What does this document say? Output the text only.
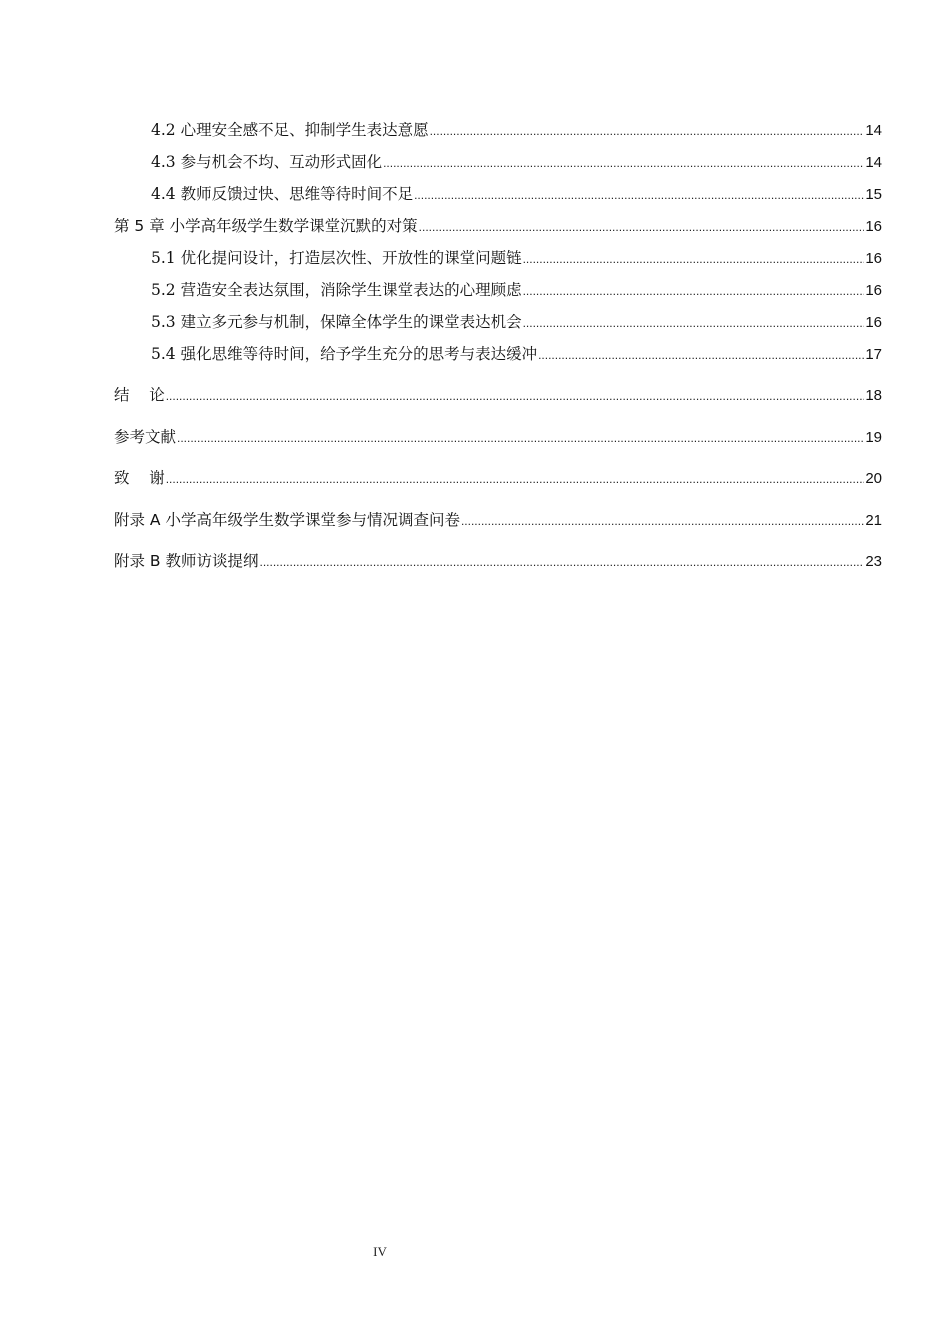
4.2 心理安全感不足、抑制学生表达意愿 .....	14
4.3 参与机会不均、互动形式固化 .....	14
4.4 教师反馈过快、思维等待时间不足 .....	15
第 5 章 小学高年级学生数学课堂沉默的对策 .....	16
5.1 优化提问设计，打造层次性、开放性的课堂问题链 .....	16
5.2 营造安全表达氛围，消除学生课堂表达的心理顾虑 .....	16
5.3 建立多元参与机制，保障全体学生的课堂表达机会 .....	16
5.4 强化思维等待时间，给予学生充分的思考与表达缓冲 .....	17
结    论 .....	18
参考文献 .....	19
致    谢 .....	20
附录 A 小学高年级学生数学课堂参与情况调查问卷 .....	21
附录 B 教师访谈提纲 .....	23
IV
